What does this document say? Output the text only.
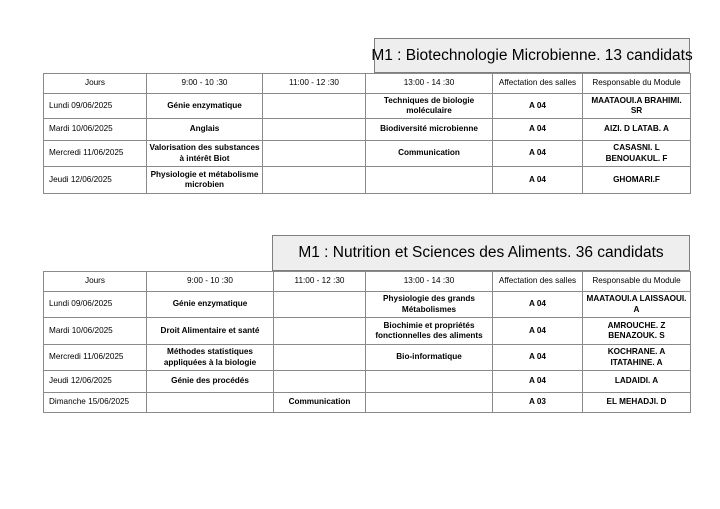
M1 : Biotechnologie Microbienne. 13 candidats
Jours	9:00 - 10 :30	11:00 - 12 :30	13:00 - 14 :30	Affectation des salles	Responsable du Module
Lundi 09/06/2025	Génie enzymatique		Techniques de biologie moléculaire	A 04	MAATAOUI.A BRAHIMI. SR
Mardi 10/06/2025	Anglais		Biodiversité microbienne	A 04	AIZI. D LATAB. A
Mercredi 11/06/2025	Valorisation des substances à intérêt Biot		Communication	A 04	CASASNI. L BENOUAKUL. F
Jeudi 12/06/2025	Physiologie et métabolisme microbien			A 04	GHOMARI.F
M1 : Nutrition et Sciences des Aliments. 36 candidats
Jours	9:00 - 10 :30	11:00 - 12 :30	13:00 - 14 :30	Affectation des salles	Responsable du Module
Lundi 09/06/2025	Génie enzymatique		Physiologie des grands Métabolismes	A 04	MAATAOUI.A LAISSAOUI. A
Mardi 10/06/2025	Droit Alimentaire et santé		Biochimie et propriétés fonctionnelles des aliments	A 04	AMROUCHE. Z BENAZOUK. S
Mercredi 11/06/2025	Méthodes statistiques appliquées à la biologie		Bio-informatique	A 04	KOCHRANE. A ITATAHINE. A
Jeudi 12/06/2025	Génie des procédés			A 04	LADAIDI. A
Dimanche 15/06/2025		Communication		A 03	EL MEHADJI. D
